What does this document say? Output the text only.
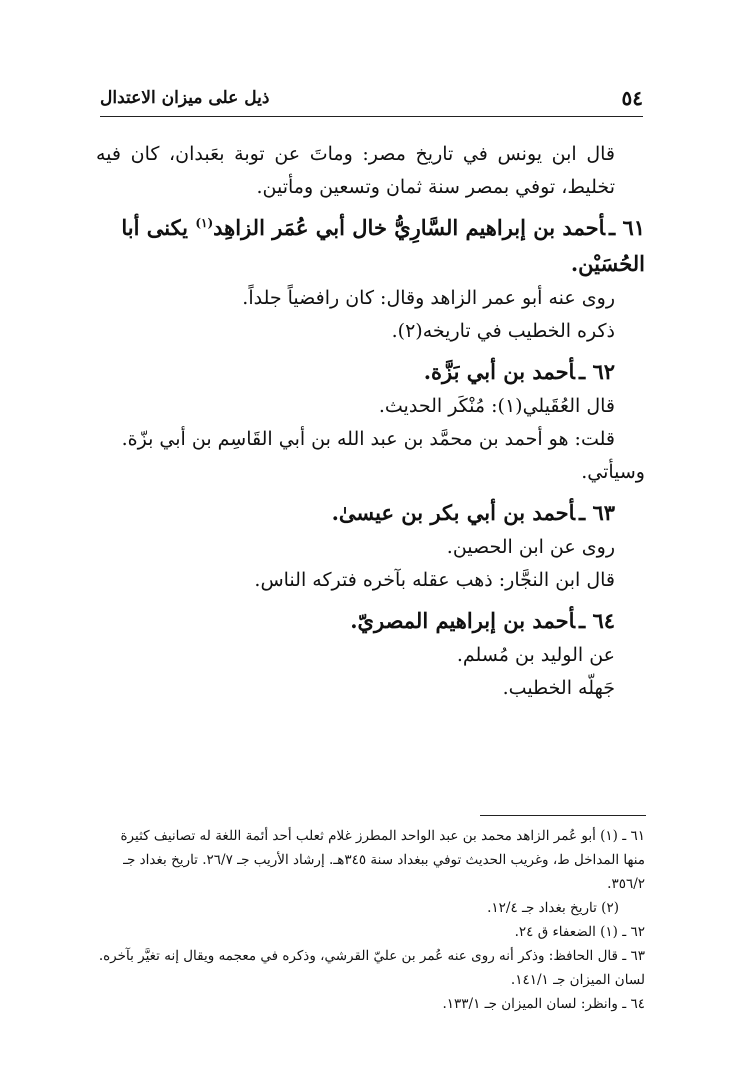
٥٤
ذيل على ميزان الاعتدال

قال ابن يونس في تاريخ مصر: وماتَ عن توبة بعَبدان، كان فيه تخليط، توفي بمصر سنة ثمان وتسعين ومأتين.

٦١ ـأحمد بن إبراهيم السَّارِيُّ خال أبي عُمَر الزاهِد$^{(١)}$ يكنى أبا الحُسَيْن.

روى عنه أبو عمر الزاهد وقال: كان رافضياً جلداً.

ذكره الخطيب في تاريخه(٢).

٦٢ ـأحمد بن أبي بَزَّة.

قال العُقَيلي(١): مُنْكَر الحديث.

قلت: هو أحمد بن محمَّد بن عبد الله بن أبي القَاسِم بن أبي بزّة.

وسيأتي.

٦٣ ـأحمد بن أبي بكر بن عيسىٰ.

روى عن ابن الحصين.

قال ابن النجَّار: ذهب عقله بآخره فتركه الناس.

٦٤ ـأحمد بن إبراهيم المصريّ.

عن الوليد بن مُسلم.

جَهلّه الخطيب.

٦١ ـ (١) أبو عُمر الزاهد محمد بن عبد الواحد المطرز غلام ثعلب أحد أئمة اللغة له تصانيف كثيرة منها المداخل ط، وغريب الحديث توفي ببغداد سنة ٣٤٥هـ. إرشاد الأريب جـ ٢٦/٧. تاريخ بغداد جـ ٣٥٦/٢.

(٢) تاريخ بغداد جـ ١٢/٤.

٦٢ ـ (١) الضعفاء ق ٢٤.

٦٣ ـ قال الحافظ: وذكر أنه روى عنه عُمر بن عليّ القرشي، وذكره في معجمه ويقال إنه تغيَّر بآخره. لسان الميزان جـ ١٤١/١.

٦٤ ـ وانظر: لسان الميزان جـ ١٣٣/١.
